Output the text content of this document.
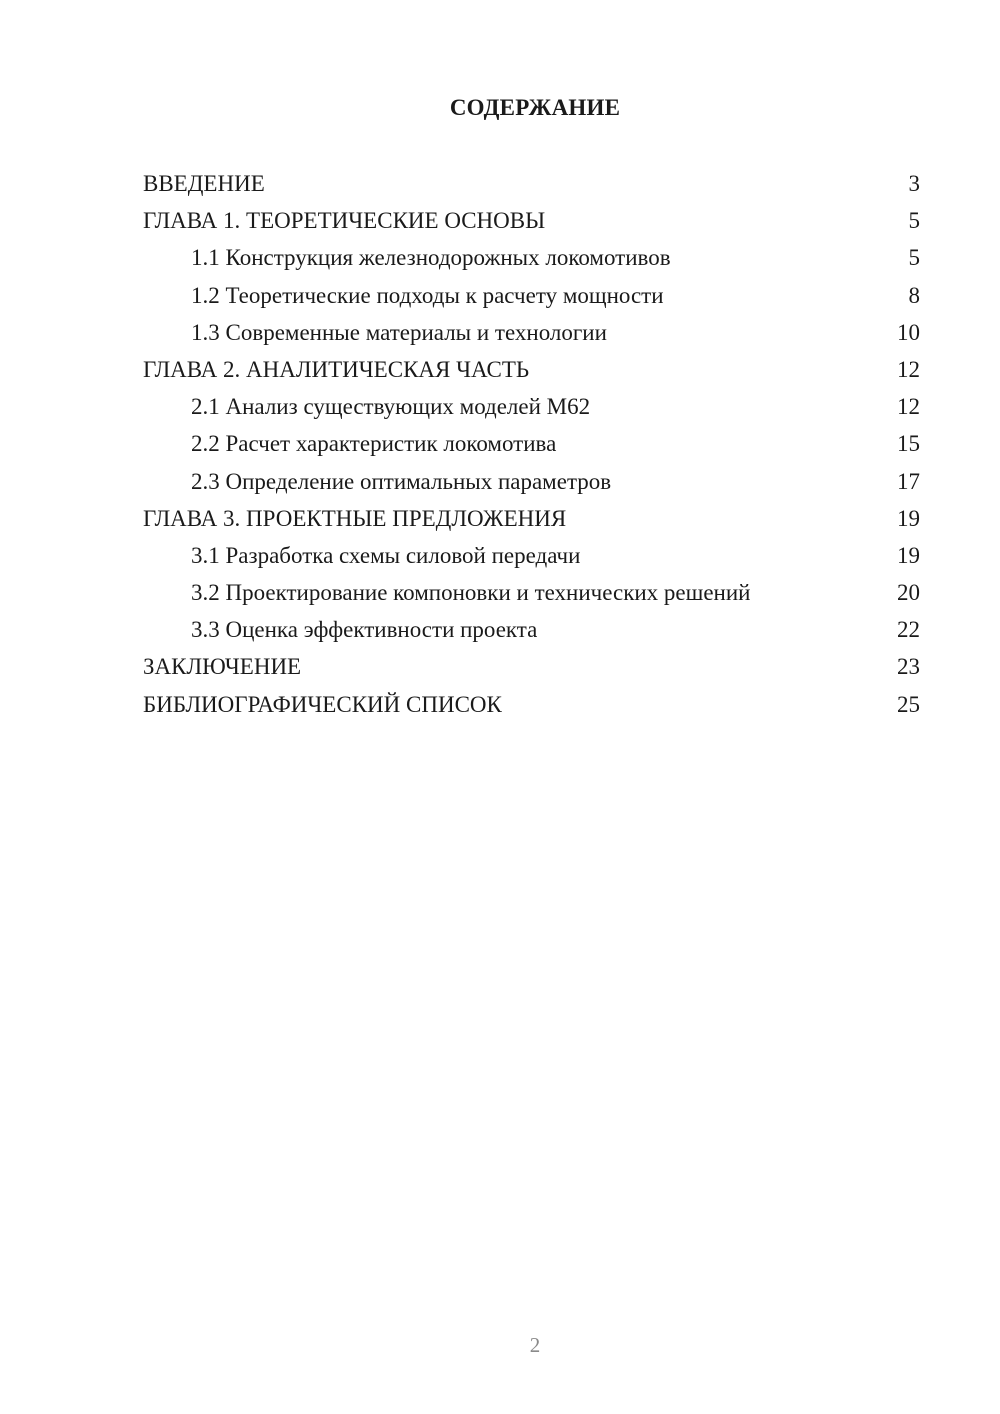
СОДЕРЖАНИЕ
ВВЕДЕНИЕ	3
ГЛАВА 1. ТЕОРЕТИЧЕСКИЕ ОСНОВЫ	5
1.1 Конструкция железнодорожных локомотивов	5
1.2 Теоретические подходы к расчету мощности	8
1.3 Современные материалы и технологии	10
ГЛАВА 2. АНАЛИТИЧЕСКАЯ ЧАСТЬ	12
2.1 Анализ существующих моделей М62	12
2.2 Расчет характеристик локомотива	15
2.3 Определение оптимальных параметров	17
ГЛАВА 3. ПРОЕКТНЫЕ ПРЕДЛОЖЕНИЯ	19
3.1 Разработка схемы силовой передачи	19
3.2 Проектирование компоновки и технических решений	20
3.3 Оценка эффективности проекта	22
ЗАКЛЮЧЕНИЕ	23
БИБЛИОГРАФИЧЕСКИЙ СПИСОК	25
2
